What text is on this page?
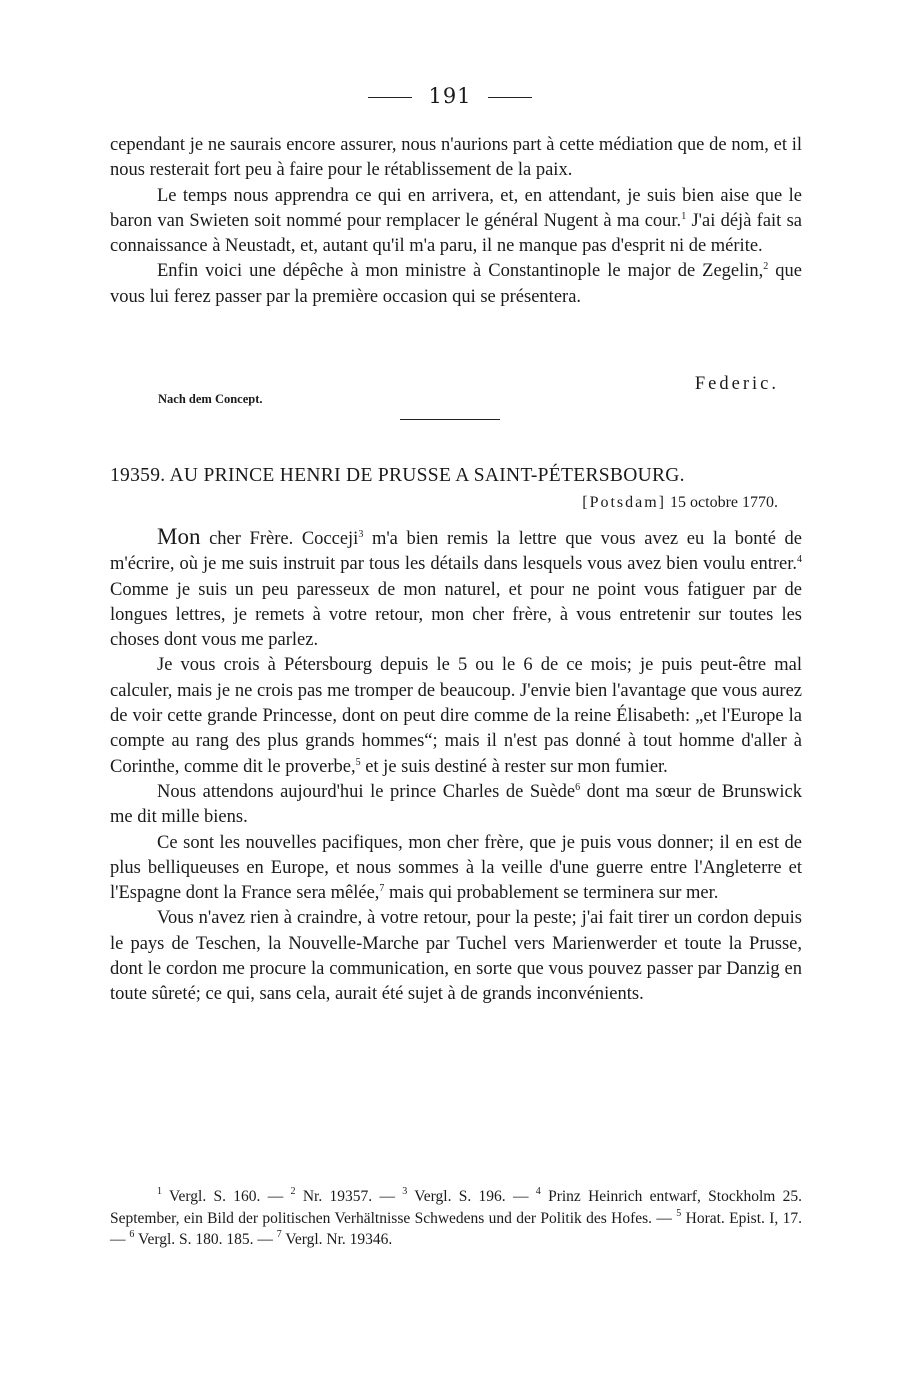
191

cependant je ne saurais encore assurer, nous n'aurions part à cette médiation que de nom, et il nous resterait fort peu à faire pour le rétablissement de la paix.

Le temps nous apprendra ce qui en arrivera, et, en attendant, je suis bien aise que le baron van Swieten soit nommé pour remplacer le général Nugent à ma cour.$^1$ J'ai déjà fait sa connaissance à Neustadt, et, autant qu'il m'a paru, il ne manque pas d'esprit ni de mérite.

Enfin voici une dépêche à mon ministre à Constantinople le major de Zegelin,$^2$ que vous lui ferez passer par la première occasion qui se présentera.

Federic.
Nach dem Concept.
19359. AU PRINCE HENRI DE PRUSSE A SAINT-PÉTERSBOURG.
[Potsdam] 15 octobre 1770.

Mon cher Frère. Cocceji$^3$ m'a bien remis la lettre que vous avez eu la bonté de m'écrire, où je me suis instruit par tous les détails dans lesquels vous avez bien voulu entrer.$^4$ Comme je suis un peu paresseux de mon naturel, et pour ne point vous fatiguer par de longues lettres, je remets à votre retour, mon cher frère, à vous entretenir sur toutes les choses dont vous me parlez.

Je vous crois à Pétersbourg depuis le 5 ou le 6 de ce mois; je puis peut-être mal calculer, mais je ne crois pas me tromper de beaucoup. J'envie bien l'avantage que vous aurez de voir cette grande Princesse, dont on peut dire comme de la reine Élisabeth: „et l'Europe la compte au rang des plus grands hommes“; mais il n'est pas donné à tout homme d'aller à Corinthe, comme dit le proverbe,$^5$ et je suis destiné à rester sur mon fumier.

Nous attendons aujourd'hui le prince Charles de Suède$^6$ dont ma sœur de Brunswick me dit mille biens.

Ce sont les nouvelles pacifiques, mon cher frère, que je puis vous donner; il en est de plus belliqueuses en Europe, et nous sommes à la veille d'une guerre entre l'Angleterre et l'Espagne dont la France sera mêlée,$^7$ mais qui probablement se terminera sur mer.

Vous n'avez rien à craindre, à votre retour, pour la peste; j'ai fait tirer un cordon depuis le pays de Teschen, la Nouvelle-Marche par Tuchel vers Marienwerder et toute la Prusse, dont le cordon me procure la communication, en sorte que vous pouvez passer par Danzig en toute sûreté; ce qui, sans cela, aurait été sujet à de grands inconvénients.

$^1$ Vergl. S. 160. — $^2$ Nr. 19357. — $^3$ Vergl. S. 196. — $^4$ Prinz Heinrich entwarf, Stockholm 25. September, ein Bild der politischen Verhältnisse Schwedens und der Politik des Hofes. — $^5$ Horat. Epist. I, 17. — $^6$ Vergl. S. 180. 185. — $^7$ Vergl. Nr. 19346.
